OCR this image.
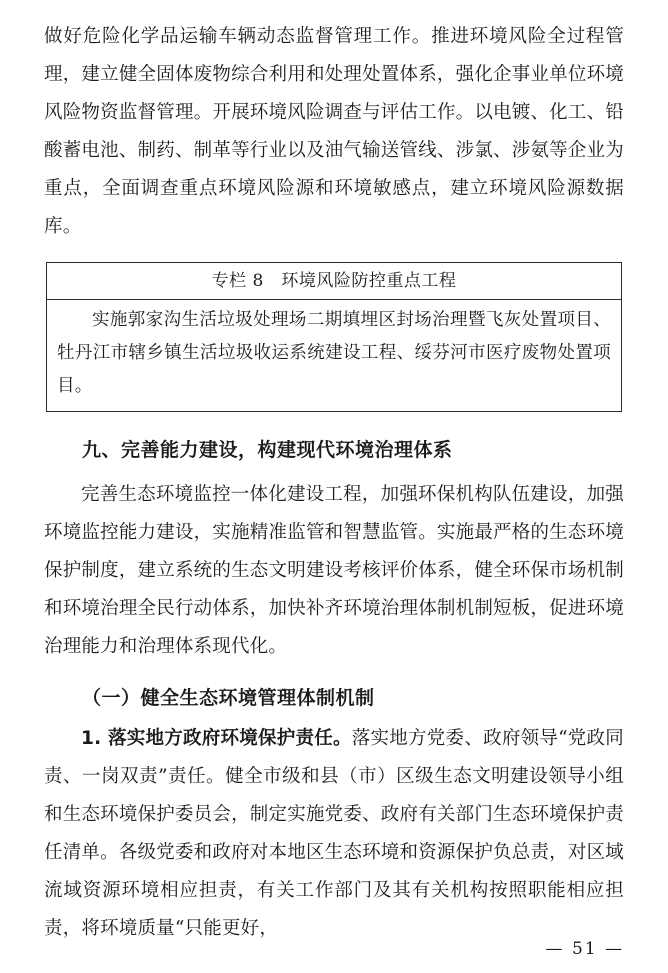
做好危险化学品运输车辆动态监督管理工作。推进环境风险全过程管理，建立健全固体废物综合利用和处理处置体系，强化企事业单位环境风险物资监督管理。开展环境风险调查与评估工作。以电镀、化工、铅酸蓄电池、制药、制革等行业以及油气输送管线、涉氯、涉氨等企业为重点，全面调查重点环境风险源和环境敏感点，建立环境风险源数据库。

专栏 8　环境风险防控重点工程

实施郭家沟生活垃圾处理场二期填埋区封场治理暨飞灰处置项目、牡丹江市辖乡镇生活垃圾收运系统建设工程、绥芬河市医疗废物处置项目。

九、完善能力建设，构建现代环境治理体系

完善生态环境监控一体化建设工程，加强环保机构队伍建设，加强环境监控能力建设，实施精准监管和智慧监管。实施最严格的生态环境保护制度，建立系统的生态文明建设考核评价体系，健全环保市场机制和环境治理全民行动体系，加快补齐环境治理体制机制短板，促进环境治理能力和治理体系现代化。

（一）健全生态环境管理体制机制

1. 落实地方政府环境保护责任。落实地方党委、政府领导“党政同责、一岗双责”责任。健全市级和县（市）区级生态文明建设领导小组和生态环境保护委员会，制定实施党委、政府有关部门生态环境保护责任清单。各级党委和政府对本地区生态环境和资源保护负总责，对区域流域资源环境相应担责，有关工作部门及其有关机构按照职能相应担责，将环境质量“只能更好，

— 51 —
